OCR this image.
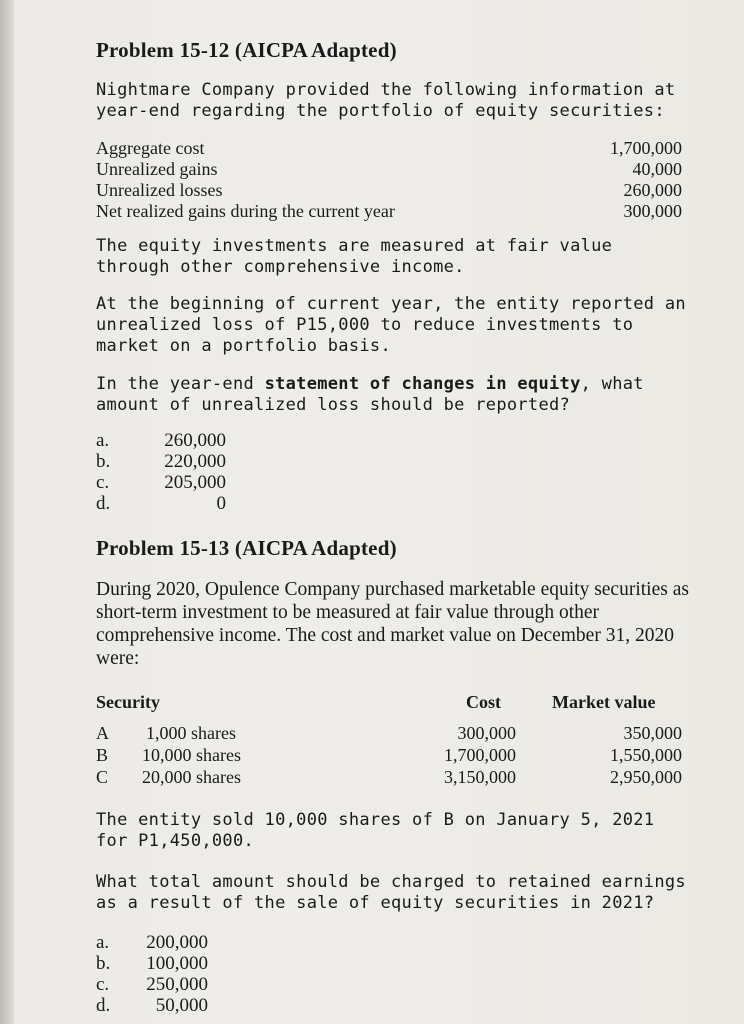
Problem 15-12 (AICPA Adapted)
Nightmare Company provided the following information at year-end regarding the portfolio of equity securities:
Aggregate cost	1,700,000
Unrealized gains	40,000
Unrealized losses	260,000
Net realized gains during the current year	300,000
The equity investments are measured at fair value through other comprehensive income.
At the beginning of current year, the entity reported an unrealized loss of P15,000 to reduce investments to market on a portfolio basis.
In the year-end statement of changes in equity, what amount of unrealized loss should be reported?
a.	260,000
b.	220,000
c.	205,000
d.	0
Problem 15-13 (AICPA Adapted)
During 2020, Opulence Company purchased marketable equity securities as short-term investment to be measured at fair value through other comprehensive income. The cost and market value on December 31, 2020 were:
Security	Cost	Market value
A 1,000 shares	300,000	350,000
B 10,000 shares	1,700,000	1,550,000
C 20,000 shares	3,150,000	2,950,000
The entity sold 10,000 shares of B on January 5, 2021 for P1,450,000.
What total amount should be charged to retained earnings as a result of the sale of equity securities in 2021?
a.	200,000
b.	100,000
c.	250,000
d.	50,000
